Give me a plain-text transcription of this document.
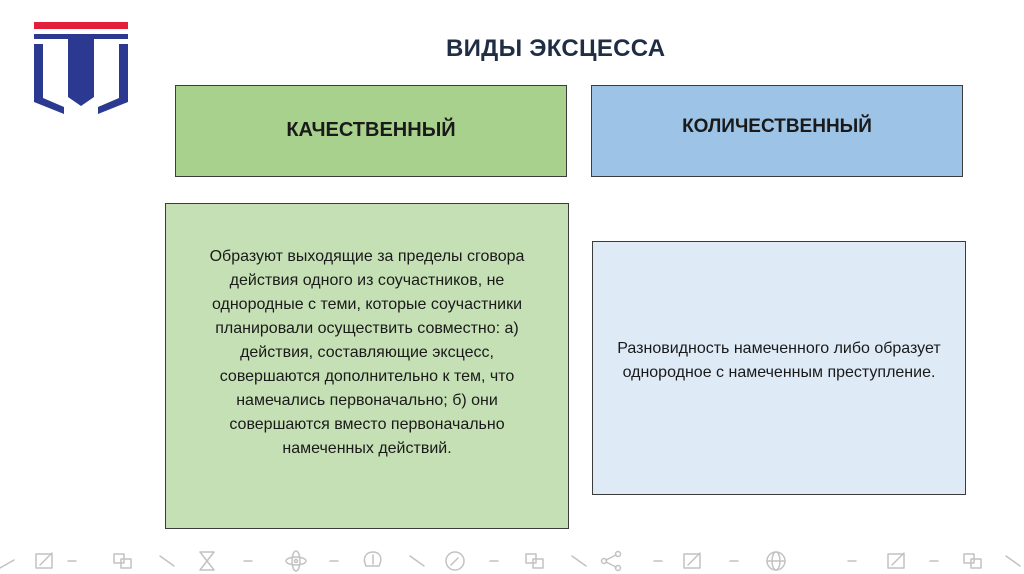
ВИДЫ ЭКСЦЕССА
КАЧЕСТВЕННЫЙ	КОЛИЧЕСТВЕННЫЙ
Образуют выходящие за пределы сговора действия одного из соучастников, не однородные с теми, которые соучастники планировали осуществить совместно: а) действия, составляющие эксцесс, совершаются дополнительно к тем, что намечались первоначально; б) они совершаются вместо первоначально намеченных действий.
Разновидность намеченного либо образует однородное с намеченным преступление.
